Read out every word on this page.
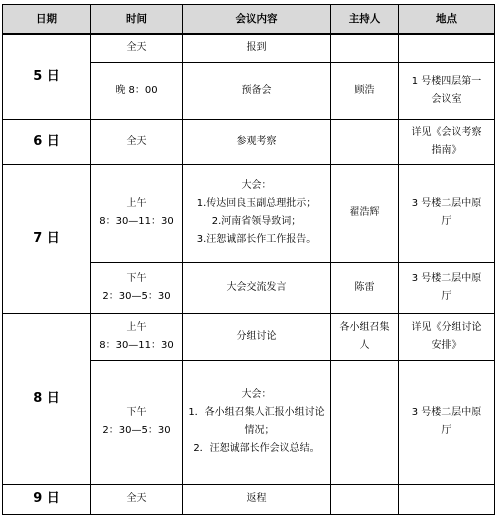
日期	时间	会议内容	主持人	地点
5 日	全天	报到		
	晚 8：00	预备会	顾浩	1 号楼四层第一
会议室

6 日	全天	参观考察		详见《会议考察
指南》

7 日	上午
8：30—11：30	大会：
1.传达回良玉副总理批示；
2.河南省领导致词；
3.汪恕诚部长作工作报告。	翟浩辉	3 号楼二层中原
厅

	下午
2：30—5：30	大会交流发言	陈雷	3 号楼二层中原
厅

8 日	上午
8：30—11：30	分组讨论	各小组召集
人	详见《分组讨论
安排》

	下午
2：30—5：30	大会：
1．各小组召集人汇报小组讨论情况；
2．汪恕诚部长作会议总结。		3 号楼二层中原
厅

9 日	全天	返程		
